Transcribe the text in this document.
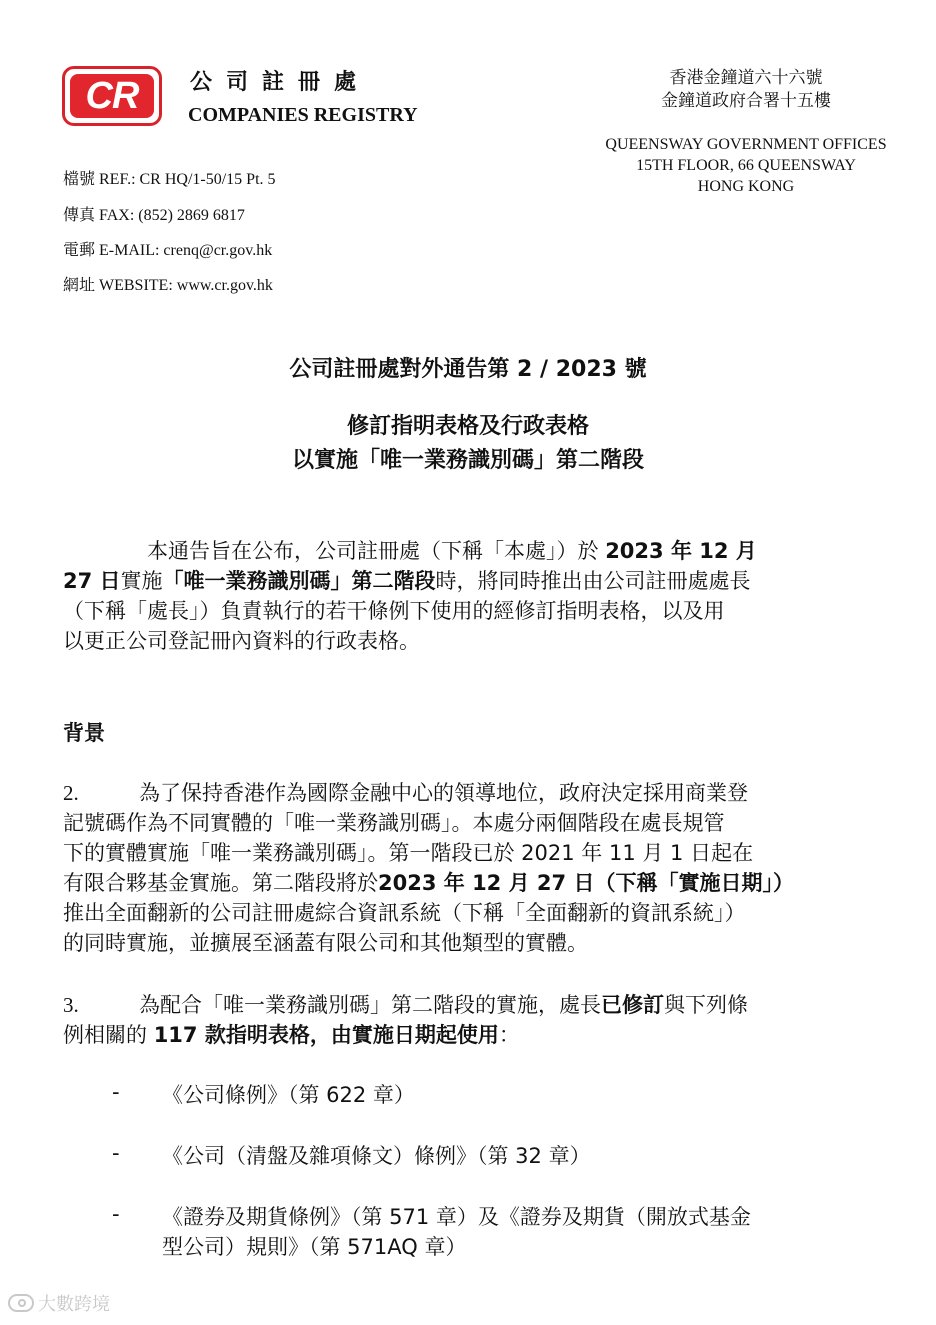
CR 公司註冊處
COMPANIES REGISTRY
香港金鐘道六十六號
金鐘道政府合署十五樓
QUEENSWAY GOVERNMENT OFFICES
15TH FLOOR, 66 QUEENSWAY
HONG KONG
檔號 REF.: CR HQ/1-50/15 Pt. 5
傳真 FAX: (852) 2869 6817
電郵 E-MAIL: crenq@cr.gov.hk
網址 WEBSITE: www.cr.gov.hk
公司註冊處對外通告第 2 / 2023 號
修訂指明表格及行政表格
以實施「唯一業務識別碼」第二階段
本通告旨在公布，公司註冊處（下稱「本處」）於 2023 年 12 月
27 日實施「唯一業務識別碼」第二階段時，將同時推出由公司註冊處處長
（下稱「處長」）負責執行的若干條例下使用的經修訂指明表格，以及用
以更正公司登記冊內資料的行政表格。
背景
2.	為了保持香港作為國際金融中心的領導地位，政府決定採用商業登
記號碼作為不同實體的「唯一業務識別碼」。本處分兩個階段在處長規管
下的實體實施「唯一業務識別碼」。第一階段已於 2021 年 11 月 1 日起在
有限合夥基金實施。第二階段將於2023 年 12 月 27 日（下稱「實施日期」）
推出全面翻新的公司註冊處綜合資訊系統（下稱「全面翻新的資訊系統」）
的同時實施，並擴展至涵蓋有限公司和其他類型的實體。
3.	為配合「唯一業務識別碼」第二階段的實施，處長已修訂與下列條
例相關的 117 款指明表格，由實施日期起使用：
- 《公司條例》（第 622 章）
- 《公司（清盤及雜項條文）條例》（第 32 章）
- 《證券及期貨條例》（第 571 章）及《證券及期貨（開放式基金
型公司）規則》（第 571AQ 章）
大數跨境
